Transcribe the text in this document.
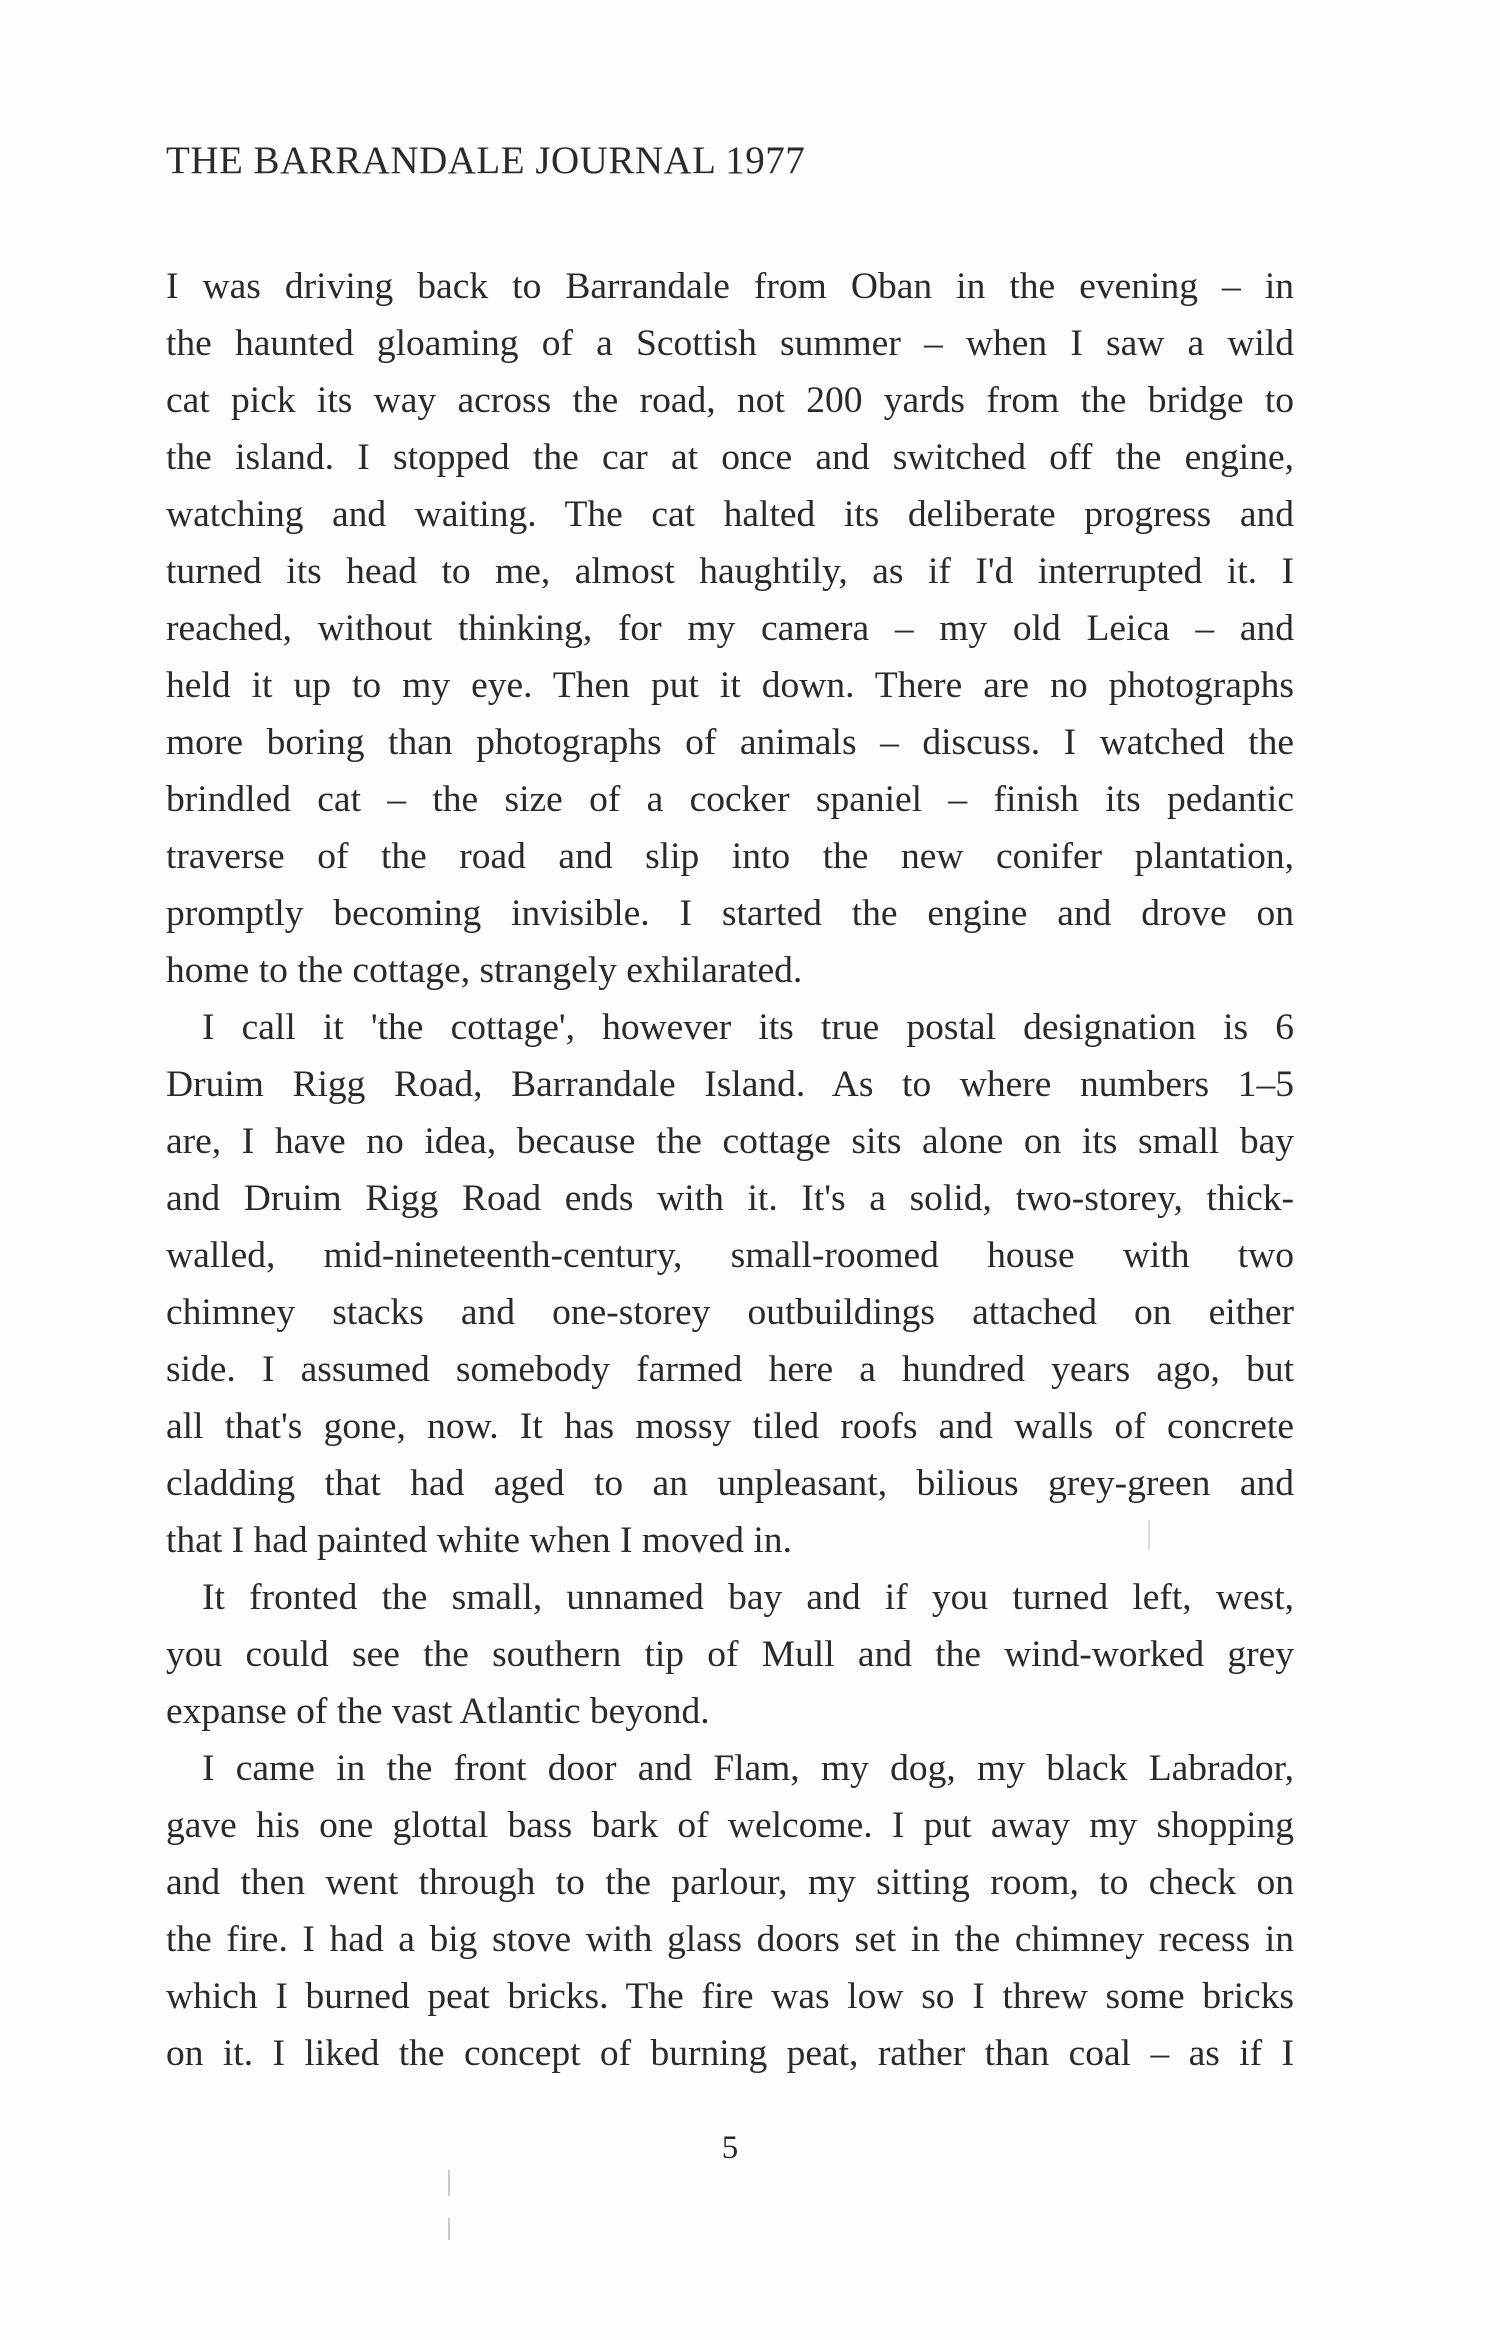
THE BARRANDALE JOURNAL 1977
I was driving back to Barrandale from Oban in the evening – in
the haunted gloaming of a Scottish summer – when I saw a wild
cat pick its way across the road, not 200 yards from the bridge to
the island. I stopped the car at once and switched off the engine,
watching and waiting. The cat halted its deliberate progress and
turned its head to me, almost haughtily, as if I'd interrupted it. I
reached, without thinking, for my camera – my old Leica – and
held it up to my eye. Then put it down. There are no photographs
more boring than photographs of animals – discuss. I watched the
brindled cat – the size of a cocker spaniel – finish its pedantic
traverse of the road and slip into the new conifer plantation,
promptly becoming invisible. I started the engine and drove on
home to the cottage, strangely exhilarated.
I call it 'the cottage', however its true postal designation is 6
Druim Rigg Road, Barrandale Island. As to where numbers 1–5
are, I have no idea, because the cottage sits alone on its small bay
and Druim Rigg Road ends with it. It's a solid, two-storey, thick-
walled, mid-nineteenth-century, small-roomed house with two
chimney stacks and one-storey outbuildings attached on either
side. I assumed somebody farmed here a hundred years ago, but
all that's gone, now. It has mossy tiled roofs and walls of concrete
cladding that had aged to an unpleasant, bilious grey-green and
that I had painted white when I moved in.
It fronted the small, unnamed bay and if you turned left, west,
you could see the southern tip of Mull and the wind-worked grey
expanse of the vast Atlantic beyond.
I came in the front door and Flam, my dog, my black Labrador,
gave his one glottal bass bark of welcome. I put away my shopping
and then went through to the parlour, my sitting room, to check on
the fire. I had a big stove with glass doors set in the chimney recess in
which I burned peat bricks. The fire was low so I threw some bricks
on it. I liked the concept of burning peat, rather than coal – as if I
5
